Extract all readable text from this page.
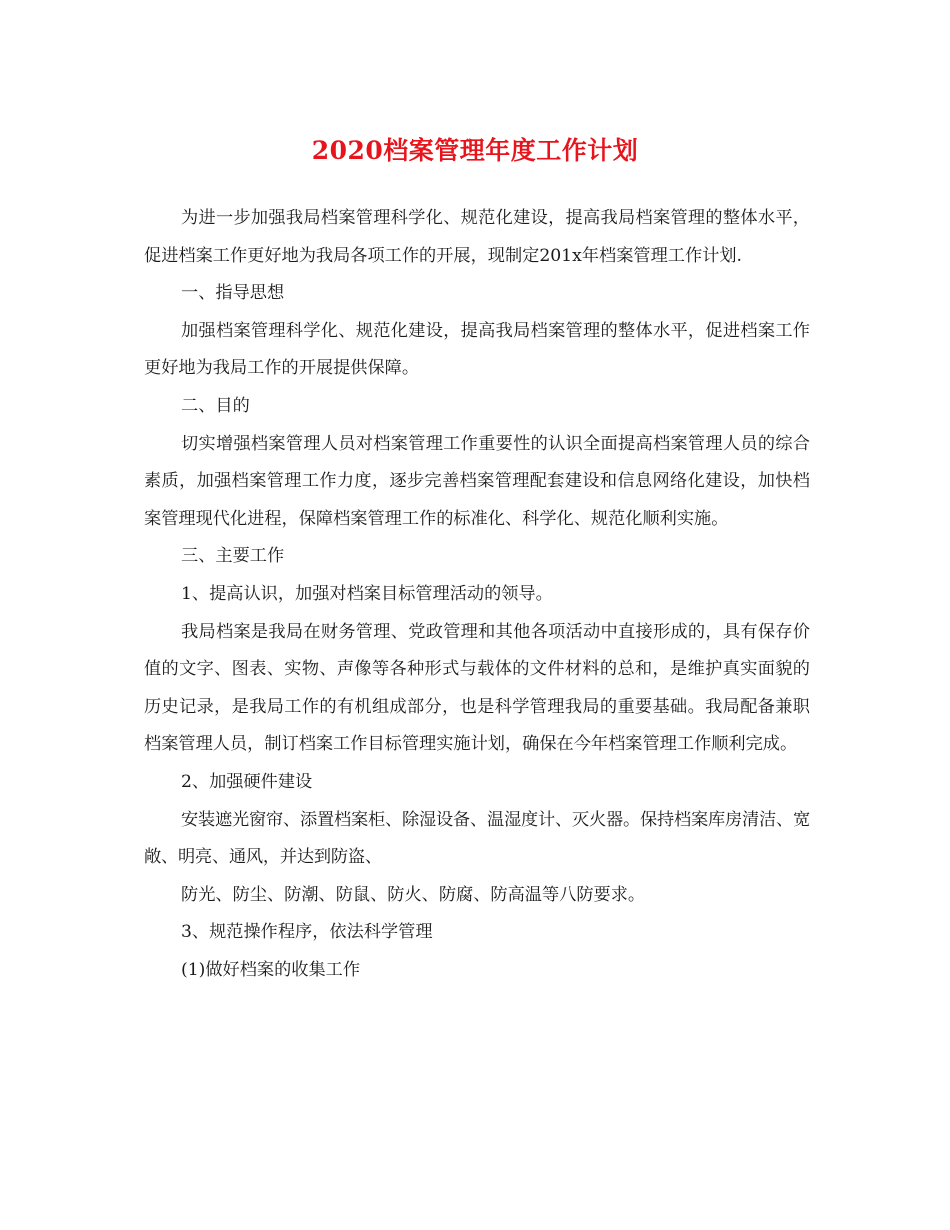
2020档案管理年度工作计划

为进一步加强我局档案管理科学化、规范化建设，提高我局档案管理的整体水平，促进档案工作更好地为我局各项工作的开展，现制定201x年档案管理工作计划.

一、指导思想

加强档案管理科学化、规范化建设，提高我局档案管理的整体水平，促进档案工作更好地为我局工作的开展提供保障。

二、目的

切实增强档案管理人员对档案管理工作重要性的认识全面提高档案管理人员的综合素质，加强档案管理工作力度，逐步完善档案管理配套建设和信息网络化建设，加快档案管理现代化进程，保障档案管理工作的标准化、科学化、规范化顺利实施。

三、主要工作

1、提高认识，加强对档案目标管理活动的领导。

我局档案是我局在财务管理、党政管理和其他各项活动中直接形成的，具有保存价值的文字、图表、实物、声像等各种形式与载体的文件材料的总和，是维护真实面貌的历史记录，是我局工作的有机组成部分，也是科学管理我局的重要基础。我局配备兼职档案管理人员，制订档案工作目标管理实施计划，确保在今年档案管理工作顺利完成。

2、加强硬件建设

安装遮光窗帘、添置档案柜、除湿设备、温湿度计、灭火器。保持档案库房清洁、宽敞、明亮、通风，并达到防盗、

防光、防尘、防潮、防鼠、防火、防腐、防高温等八防要求。

3、规范操作程序，依法科学管理

(1)做好档案的收集工作
